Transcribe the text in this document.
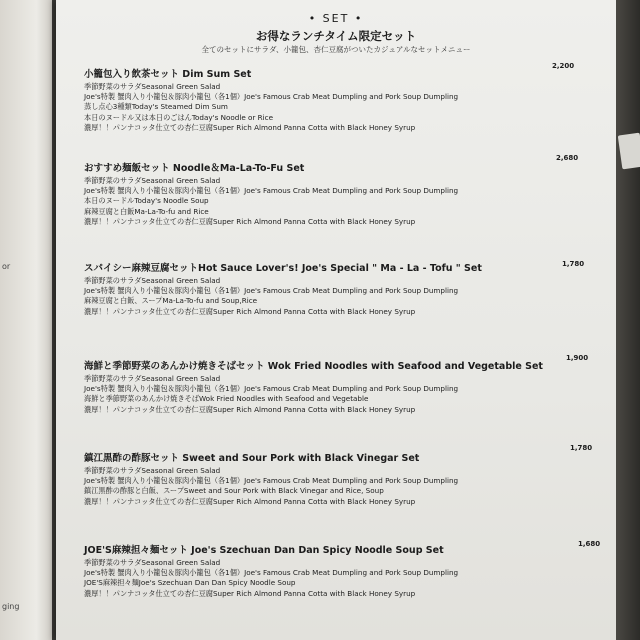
or
ging
• SET •
お得なランチタイム限定セット
全てのセットにサラダ、小籠包、杏仁豆腐がついたカジュアルなセットメニュー
小籠包入り飲茶セット Dim Sum Set
2,200
季節野菜のサラダSeasonal Green Salad
Joe's特製 蟹肉入り小籠包＆豚肉小籠包（各1個）Joe's Famous Crab Meat Dumpling and Pork Soup Dumpling
蒸し点心3種類Today's Steamed Dim Sum
本日のヌードル又は本日のごはんToday's Noodle or Rice
濃厚！！パンナコッタ仕立ての杏仁豆腐Super Rich Almond Panna Cotta with Black Honey Syrup
おすすめ麺飯セット Noodle＆Ma-La-To-Fu Set
2,680
季節野菜のサラダSeasonal Green Salad
Joe's特製 蟹肉入り小籠包＆豚肉小籠包（各1個）Joe's Famous Crab Meat Dumpling and Pork Soup Dumpling
本日のヌードルToday's Noodle Soup
麻辣豆腐と白飯Ma-La-To-fu and Rice
濃厚！！パンナコッタ仕立ての杏仁豆腐Super Rich Almond Panna Cotta with Black Honey Syrup
スパイシー麻辣豆腐セットHot Sauce Lover's! Joe's Special " Ma - La - Tofu " Set	1,780
季節野菜のサラダSeasonal Green Salad
Joe's特製 蟹肉入り小籠包＆豚肉小籠包（各1個）Joe's Famous Crab Meat Dumpling and Pork Soup Dumpling
麻辣豆腐と白飯、スープMa-La-To-fu and Soup,Rice
濃厚！！パンナコッタ仕立ての杏仁豆腐Super Rich Almond Panna Cotta with Black Honey Syrup
海鮮と季節野菜のあんかけ焼きそばセット Wok Fried Noodles with Seafood and Vegetable Set
1,900
季節野菜のサラダSeasonal Green Salad
Joe's特製 蟹肉入り小籠包＆豚肉小籠包（各1個）Joe's Famous Crab Meat Dumpling and Pork Soup Dumpling
海鮮と季節野菜のあんかけ焼きそばWok Fried Noodles with Seafood and Vegetable
濃厚！！パンナコッタ仕立ての杏仁豆腐Super Rich Almond Panna Cotta with Black Honey Syrup
鎮江黒酢の酢豚セット Sweet and Sour Pork with Black Vinegar Set
1,780
季節野菜のサラダSeasonal Green Salad
Joe's特製 蟹肉入り小籠包＆豚肉小籠包（各1個）Joe's Famous Crab Meat Dumpling and Pork Soup Dumpling
鎮江黒酢の酢豚と白飯、スープSweet and Sour Pork with Black Vinegar and Rice, Soup
濃厚！！パンナコッタ仕立ての杏仁豆腐Super Rich Almond Panna Cotta with Black Honey Syrup
JOE'S麻辣担々麺セット Joe's Szechuan Dan Dan Spicy Noodle Soup Set
1,680
季節野菜のサラダSeasonal Green Salad
Joe's特製 蟹肉入り小籠包＆豚肉小籠包（各1個）Joe's Famous Crab Meat Dumpling and Pork Soup Dumpling
JOE'S麻辣担々麺Joe's Szechuan Dan Dan Spicy Noodle Soup
濃厚！！パンナコッタ仕立ての杏仁豆腐Super Rich Almond Panna Cotta with Black Honey Syrup
